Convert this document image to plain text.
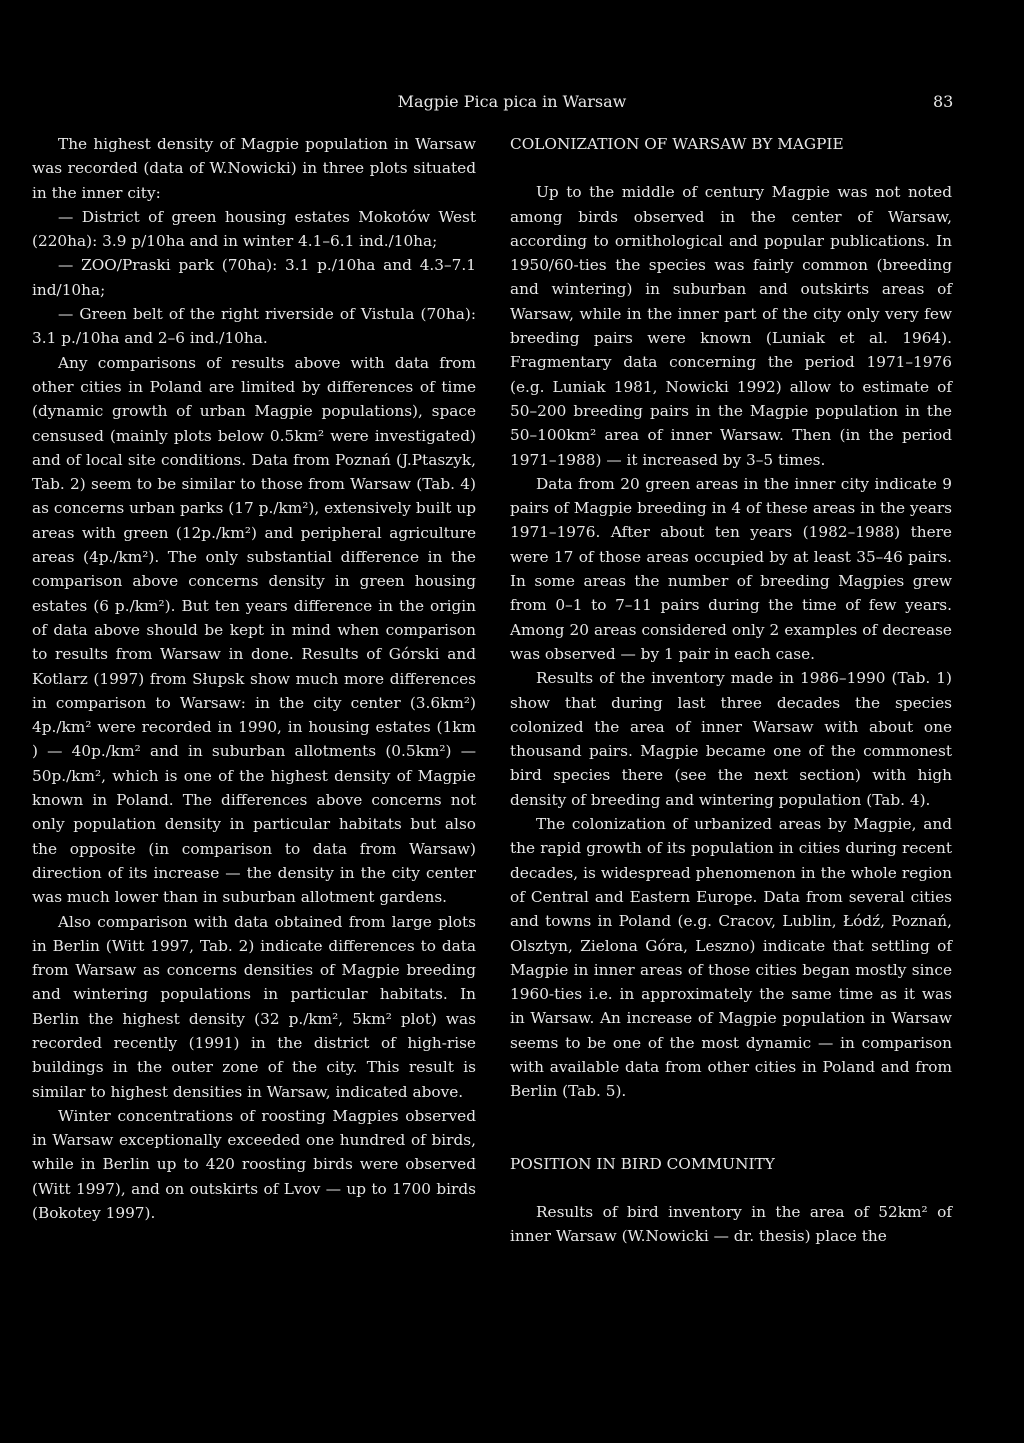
Magpie Pica pica in Warsaw	83

The highest density of Magpie population in Warsaw was recorded (data of W.Nowicki) in three plots situated in the inner city:

— District of green housing estates Mokotów West (220ha): 3.9 p/10ha and in winter 4.1–6.1 ind./10ha;

— ZOO/Praski park (70ha): 3.1 p./10ha and 4.3–7.1 ind/10ha;

— Green belt of the right riverside of Vistula (70ha): 3.1 p./10ha and 2–6 ind./10ha.

Any comparisons of results above with data from other cities in Poland are limited by differences of time (dynamic growth of urban Magpie populations), space censused (mainly plots below 0.5km² were investigated) and of local site conditions. Data from Poznań (J.Ptaszyk, Tab. 2) seem to be similar to those from Warsaw (Tab. 4) as concerns urban parks (17 p./km²), extensively built up areas with green (12p./km²) and peripheral agriculture areas (4p./km²). The only substantial difference in the comparison above concerns density in green housing estates (6 p./km²). But ten years difference in the origin of data above should be kept in mind when comparison to results from Warsaw in done. Results of Górski and Kotlarz (1997) from Słupsk show much more differences in comparison to Warsaw: in the city center (3.6km²) 4p./km² were recorded in 1990, in housing estates (1km ) — 40p./km² and in suburban allotments (0.5km²) — 50p./km², which is one of the highest density of Magpie known in Poland. The differences above concerns not only population density in particular habitats but also the opposite (in comparison to data from Warsaw) direction of its increase — the density in the city center was much lower than in suburban allotment gardens.

Also comparison with data obtained from large plots in Berlin (Witt 1997, Tab. 2) indicate differences to data from Warsaw as concerns densities of Magpie breeding and wintering populations in particular habitats. In Berlin the highest density (32 p./km², 5km² plot) was recorded recently (1991) in the district of high-rise buildings in the outer zone of the city. This result is similar to highest densities in Warsaw, indicated above.

Winter concentrations of roosting Magpies observed in Warsaw exceptionally exceeded one hundred of birds, while in Berlin up to 420 roosting birds were observed (Witt 1997), and on outskirts of Lvov — up to 1700 birds (Bokotey 1997).

COLONIZATION OF WARSAW BY MAGPIE

Up to the middle of century Magpie was not noted among birds observed in the center of Warsaw, according to ornithological and popular publications. In 1950/60-ties the species was fairly common (breeding and wintering) in suburban and outskirts areas of Warsaw, while in the inner part of the city only very few breeding pairs were known (Luniak et al. 1964). Fragmentary data concerning the period 1971–1976 (e.g. Luniak 1981, Nowicki 1992) allow to estimate of 50–200 breeding pairs in the Magpie population in the 50–100km² area of inner Warsaw. Then (in the period 1971–1988) — it increased by 3–5 times.

Data from 20 green areas in the inner city indicate 9 pairs of Magpie breeding in 4 of these areas in the years 1971–1976. After about ten years (1982–1988) there were 17 of those areas occupied by at least 35–46 pairs. In some areas the number of breeding Magpies grew from 0–1 to 7–11 pairs during the time of few years. Among 20 areas considered only 2 examples of decrease was observed — by 1 pair in each case.

Results of the inventory made in 1986–1990 (Tab. 1) show that during last three decades the species colonized the area of inner Warsaw with about one thousand pairs. Magpie became one of the commonest bird species there (see the next section) with high density of breeding and wintering population (Tab. 4).

The colonization of urbanized areas by Magpie, and the rapid growth of its population in cities during recent decades, is widespread phenomenon in the whole region of Central and Eastern Europe. Data from several cities and towns in Poland (e.g. Cracov, Lublin, Łódź, Poznań, Olsztyn, Zielona Góra, Leszno) indicate that settling of Magpie in inner areas of those cities began mostly since 1960-ties i.e. in approximately the same time as it was in Warsaw. An increase of Magpie population in Warsaw seems to be one of the most dynamic — in comparison with available data from other cities in Poland and from Berlin (Tab. 5).

POSITION IN BIRD COMMUNITY

Results of bird inventory in the area of 52km² of inner Warsaw (W.Nowicki — dr. thesis) place the
